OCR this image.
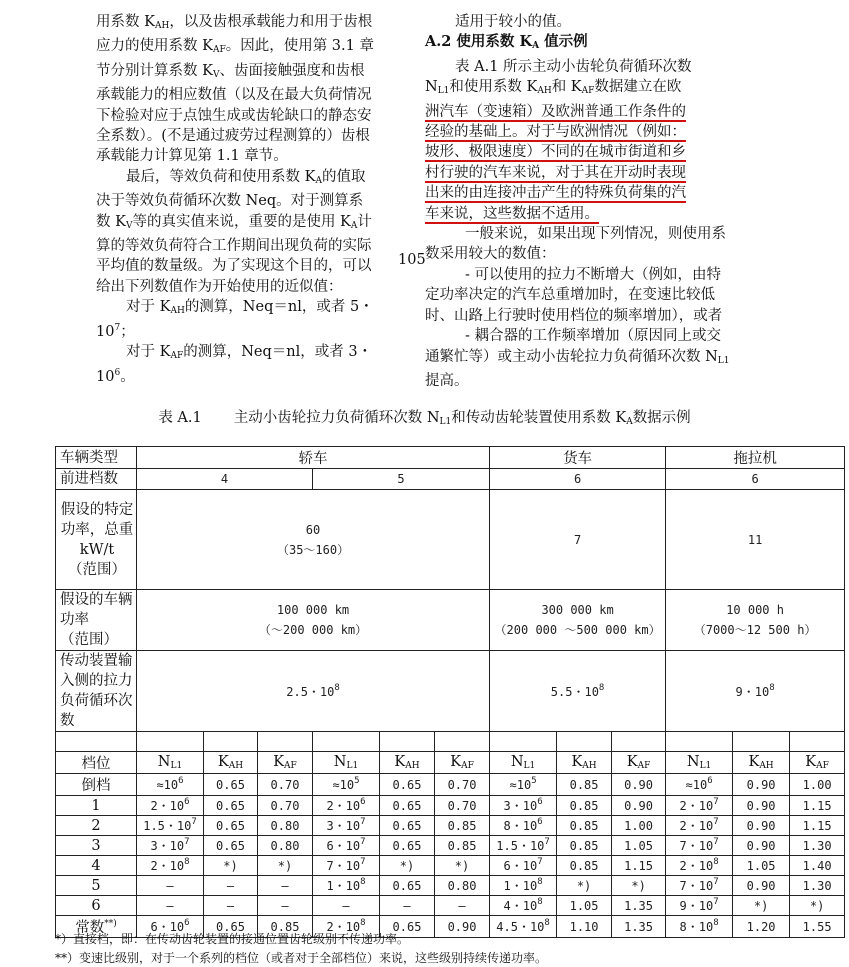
用系数 $K_{AH}$，以及齿根承载能力和用于齿根应力的使用系数 $K_{AF}$。因此，使用第 3.1 章节分别计算系数 $K_V$、齿面接触强度和齿根承载能力的相应数值（以及在最大负荷情况下检验对应于点蚀生成或齿轮缺口的静态安全系数）。(不是通过疲劳过程测算的）齿根承载能力计算见第 1.1 章节。

最后，等效负荷和使用系数 $K_A$的值取决于等效负荷循环次数 Neq。对于测算系数 $K_V$等的真实值来说，重要的是使用 $K_A$计算的等效负荷符合工作期间出现负荷的实际平均值的数量级。为了实现这个目的，可以给出下列数值作为开始使用的近似值：

对于 $K_{AH}$的测算，Neq＝nl，或者 5・$10^7$；

对于 $K_{AF}$的测算，Neq＝nl，或者 3・$10^6$。

适用于较小的值。

A.2 使用系数 $K_A$ 值示例

表 A.1 所示主动小齿轮负荷循环次数

$N_{L1}$和使用系数 $K_{AH}$和 $K_{AF}$数据建立在欧

洲汽车（变速箱）及欧洲普通工作条件的

经验的基础上。对于与欧洲情况（例如：

坡形、极限速度）不同的在城市街道和乡

村行驶的汽车来说，对于其在开动时表现

出来的由连接冲击产生的特殊负荷集的汽

车来说，这些数据不适用。

一般来说，如果出现下列情况，则使用系数采用较大的数值：

- 可以使用的拉力不断增大（例如，由特定功率决定的汽车总重增加时，在变速比较低时、山路上行驶时使用档位的频率增加），或者

- 耦合器的工作频率增加（原因同上或交通繁忙等）或主动小齿轮拉力负荷循环次数 $N_{L1}$提高。

105
表 A.1 主动小齿轮拉力负荷循环次数 $N_{L1}$和传动齿轮装置使用系数 $K_A$数据示例
车辆类型	轿车						货车			拖拉机		
前进档数	4			5			6			6		
假设的特定功率，总重
kW/t
（范围）	60
（35～160）						7			11		
假设的车辆功率
（范围）	100 000 km
（～200 000 km）						300 000 km
（200 000 ～500 000 km）			10 000 h
（7000～12 500 h）		
传动装置输入侧的拉力负荷循环次数	2.5・$10^8$						5.5・$10^8$			9・$10^8$

档位	$N_{L1}$	$K_{AH}$	$K_{AF}$	$N_{L1}$	$K_{AH}$	$K_{AF}$	$N_{L1}$	$K_{AH}$	$K_{AF}$	$N_{L1}$	$K_{AH}$	$K_{AF}$
倒档	$\approx 10^6$	0.65	0.70	$\approx 10^5$	0.65	0.70	$\approx 10^5$	0.85	0.90	$\approx 10^6$	0.90	1.00
1	2・$10^6$	0.65	0.70	2・$10^6$	0.65	0.70	3・$10^6$	0.85	0.90	2・$10^7$	0.90	1.15
2	1.5・$10^7$	0.65	0.80	3・$10^7$	0.65	0.85	8・$10^6$	0.85	1.00	2・$10^7$	0.90	1.15
3	3・$10^7$	0.65	0.80	6・$10^7$	0.65	0.85	1.5・$10^7$	0.85	1.05	7・$10^7$	0.90	1.30
4	2・$10^8$	*)	*)	7・$10^7$	*)	*)	6・$10^7$	0.85	1.15	2・$10^8$	1.05	1.40
5	—	—	—	1・$10^8$	0.65	0.80	1・$10^8$	*)	*)	7・$10^7$	0.90	1.30
6	—	—	—	—	—	—	4・$10^8$	1.05	1.35	9・$10^7$	*)	*)
常数**)	6・$10^6$	0.65	0.85	2・$10^8$	0.65	0.90	4.5・$10^8$	1.10	1.35	8・$10^8$	1.20	1.55
*）直接档，即：在传动齿轮装置的接通位置齿轮级别不传递功率。
**）变速比级别，对于一个系列的档位（或者对于全部档位）来说，这些级别持续传递功率。
